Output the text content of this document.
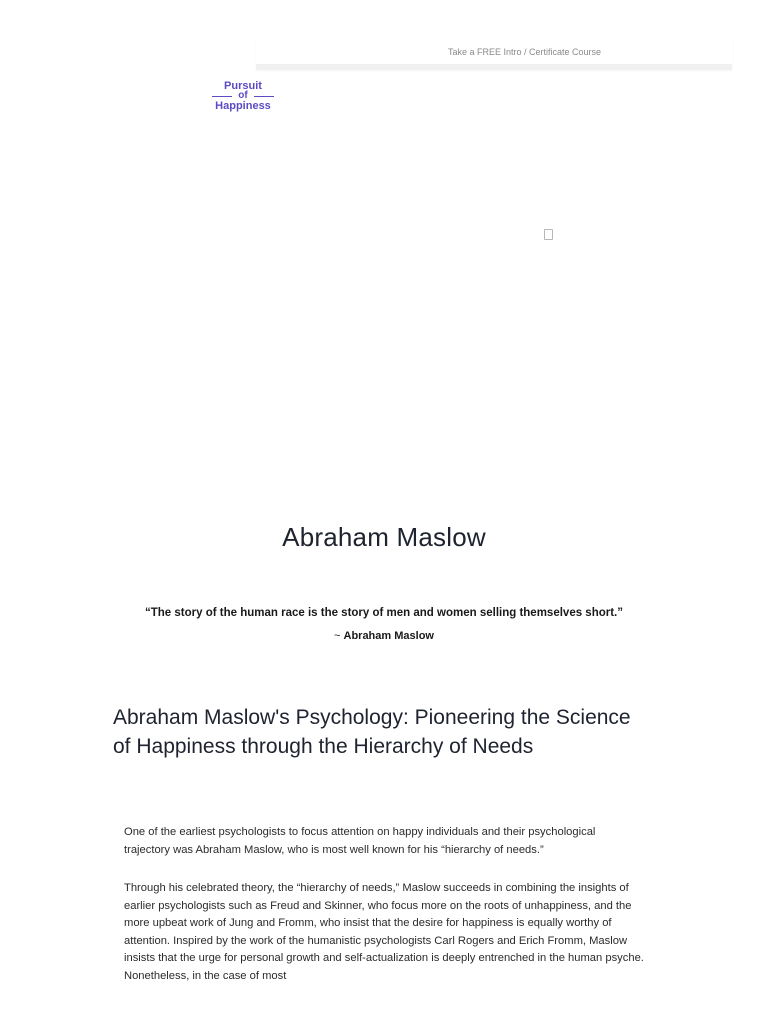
Take a FREE Intro / Certificate Course
Pursuit
of
Happiness
Abraham Maslow

“The story of the human race is the story of men and women selling themselves short.”

~ Abraham Maslow

Abraham Maslow's Psychology: Pioneering the Science of Happiness through the Hierarchy of Needs

One of the earliest psychologists to focus attention on happy individuals and their psychological trajectory was Abraham Maslow, who is most well known for his “hierarchy of needs.”

Through his celebrated theory, the “hierarchy of needs,” Maslow succeeds in combining the insights of earlier psychologists such as Freud and Skinner, who focus more on the roots of unhappiness, and the more upbeat work of Jung and Fromm, who insist that the desire for happiness is equally worthy of attention. Inspired by the work of the humanistic psychologists Carl Rogers and Erich Fromm, Maslow insists that the urge for personal growth and self-actualization is deeply entrenched in the human psyche. Nonetheless, in the case of most
